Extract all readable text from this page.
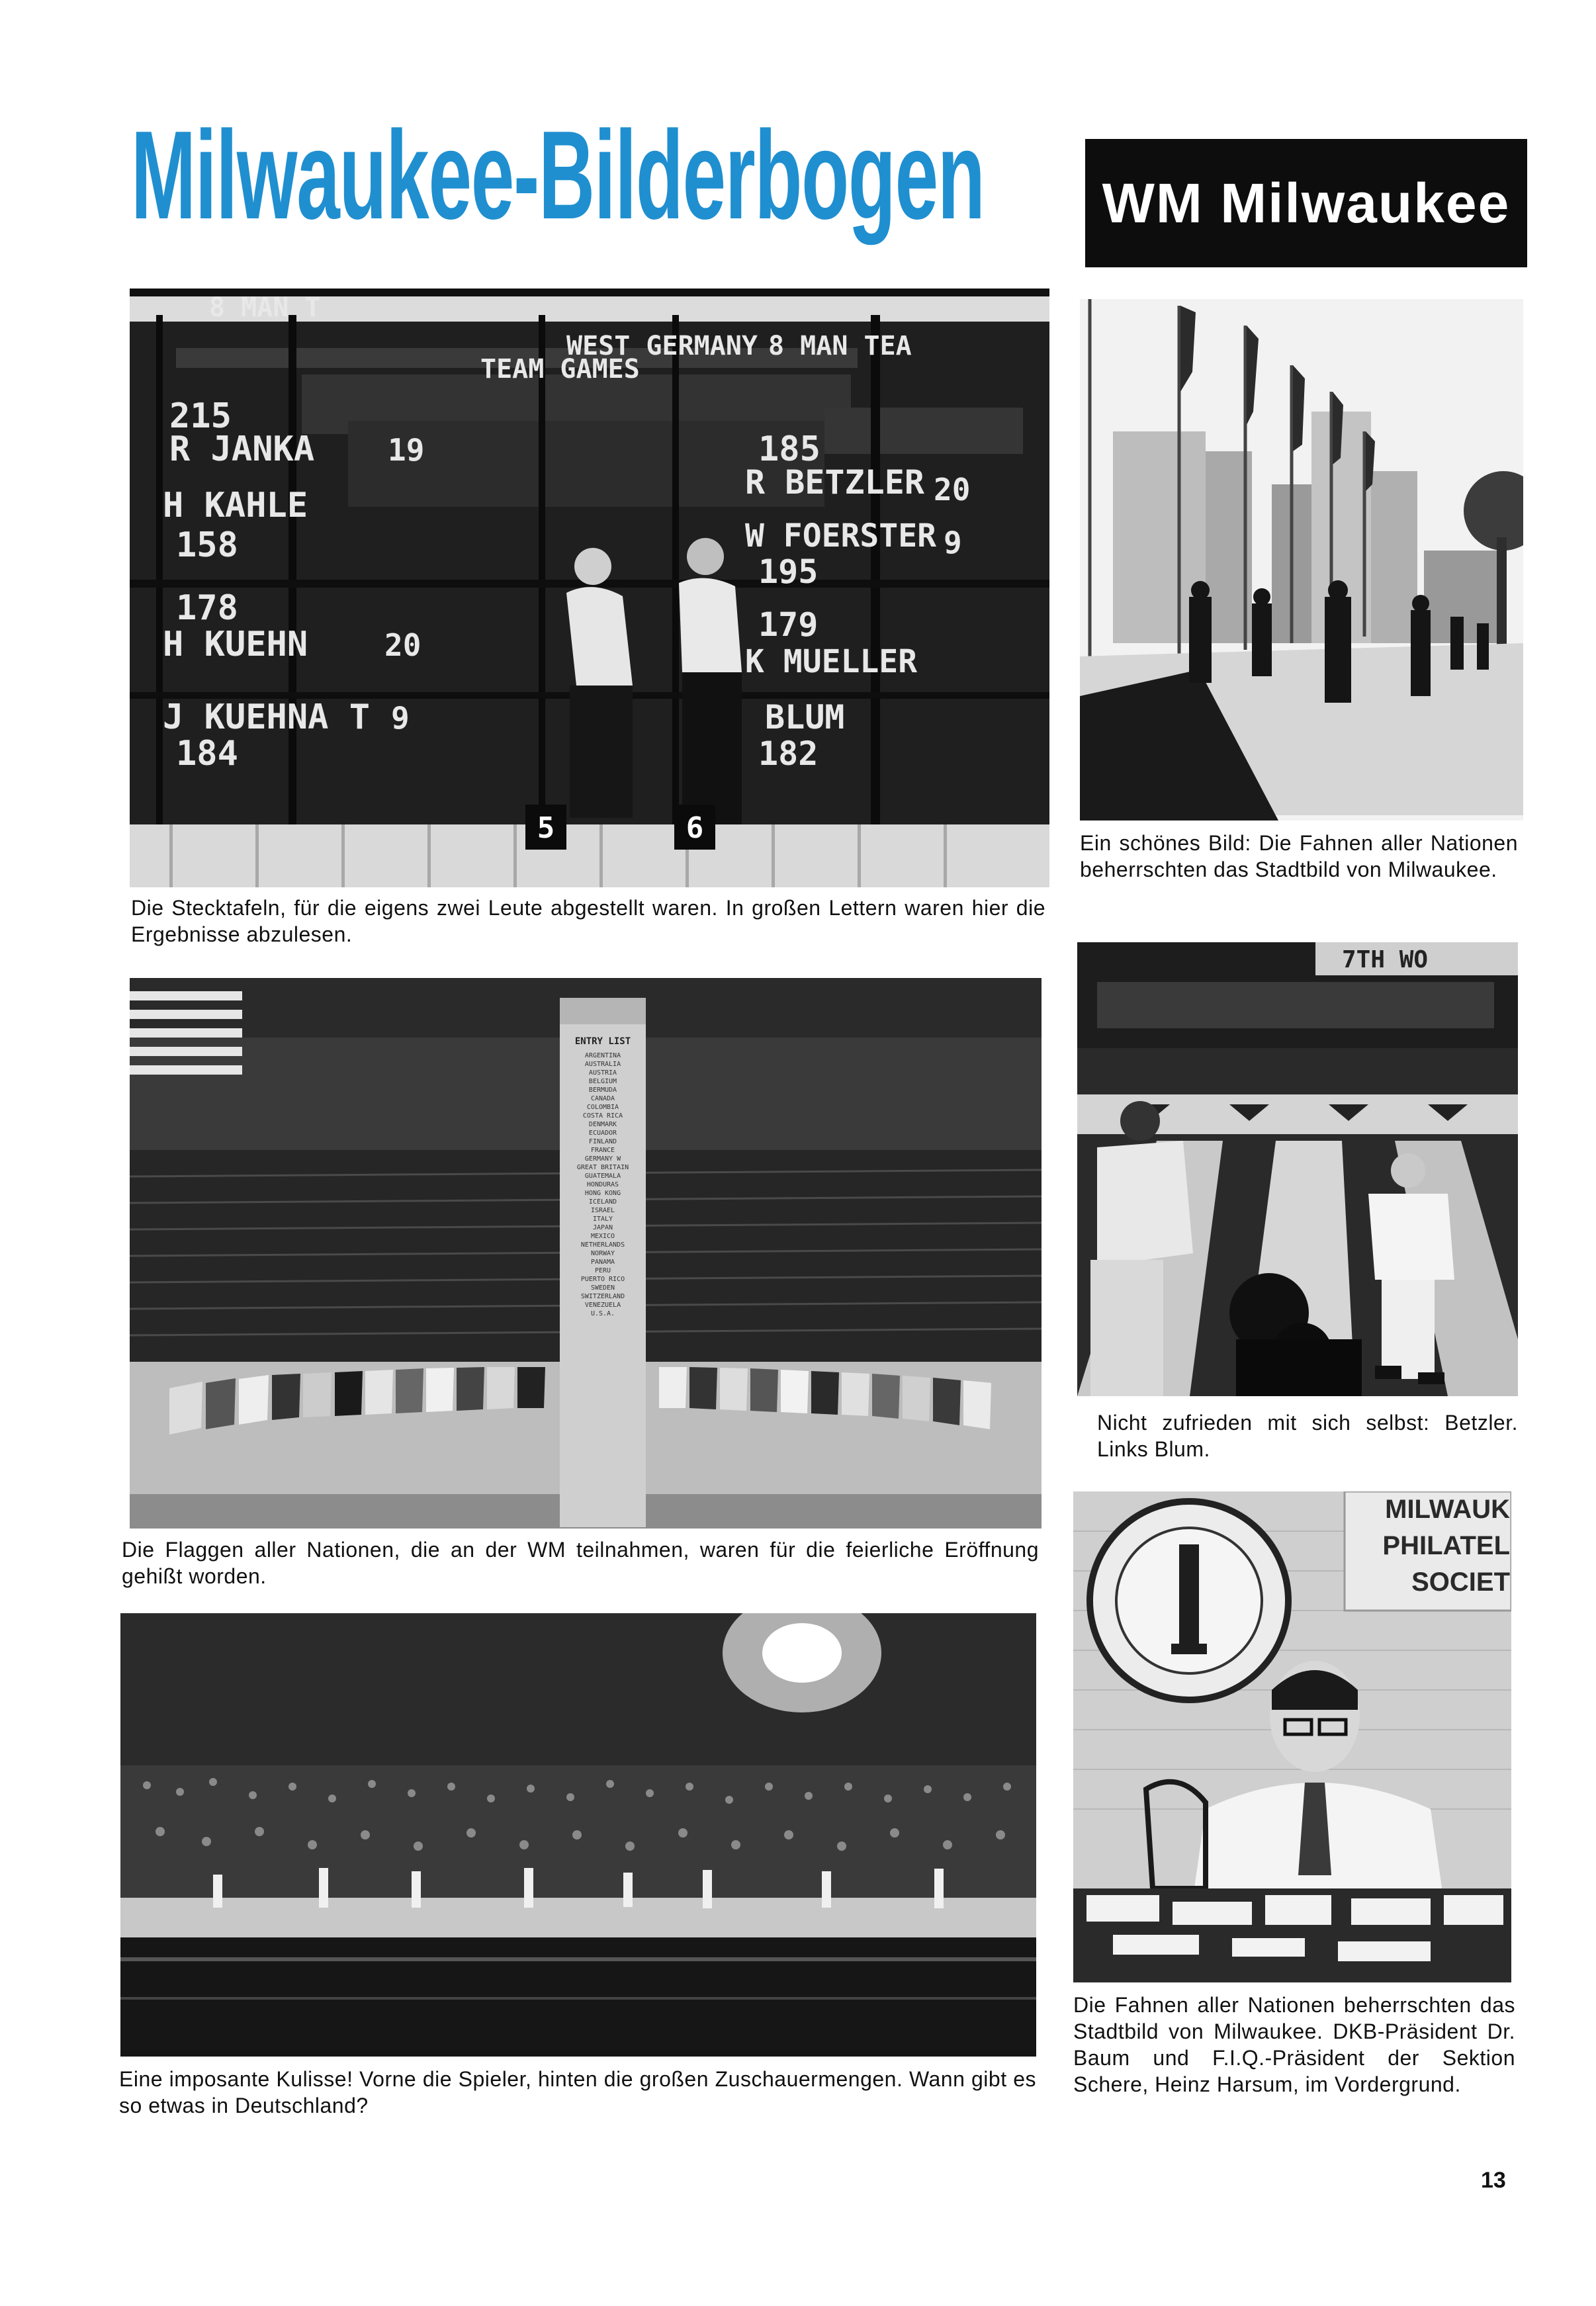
Milwaukee-Bilderbogen	WM Milwaukee
8 MAN T
WEST GERMANY
TEAM GAMES
8 MAN TEA
215
R JANKA 19
H KAHLE
158
178
H KUEHN	20
J KUEHNA T
184
9
185
R BETZLER 20
W FOERSTER 9
195
179
K MUELLER
BLUM
182
5	6

Die Stecktafeln, für die eigens zwei Leute abgestellt waren. In großen Lettern waren hier die Ergebnisse abzulesen.

Ein schönes Bild: Die Fahnen aller Nationen beherrschten das Stadtbild von Milwaukee.

ENTRY LIST
ARGENTINA
AUSTRALIA
AUSTRIA
BELGIUM
BERMUDA
CANADA
COLOMBIA
COSTA RICA
DENMARK
ECUADOR
FINLAND
FRANCE
GERMANY W
GREAT BRITAIN
GUATEMALA
HONDURAS
HONG KONG
ICELAND
ISRAEL
ITALY
JAPAN
MEXICO
NETHERLANDS
NORWAY
PANAMA
PERU
PUERTO RICO
SWEDEN
SWITZERLAND
VENEZUELA
U.S.A.

Die Flaggen aller Nationen, die an der WM teilnahmen, waren für die feierliche Eröffnung gehißt worden.

7TH WO

Nicht zufrieden mit sich selbst: Betzler. Links Blum.

Eine imposante Kulisse! Vorne die Spieler, hinten die großen Zuschauermengen. Wann gibt es so etwas in Deutschland?

MILWAUK
PHILATEL
SOCIET

Die Fahnen aller Nationen beherrschten das Stadtbild von Milwaukee. DKB-Präsident Dr. Baum und F.I.Q.-Präsident der Sektion Schere, Heinz Harsum, im Vordergrund.

13
